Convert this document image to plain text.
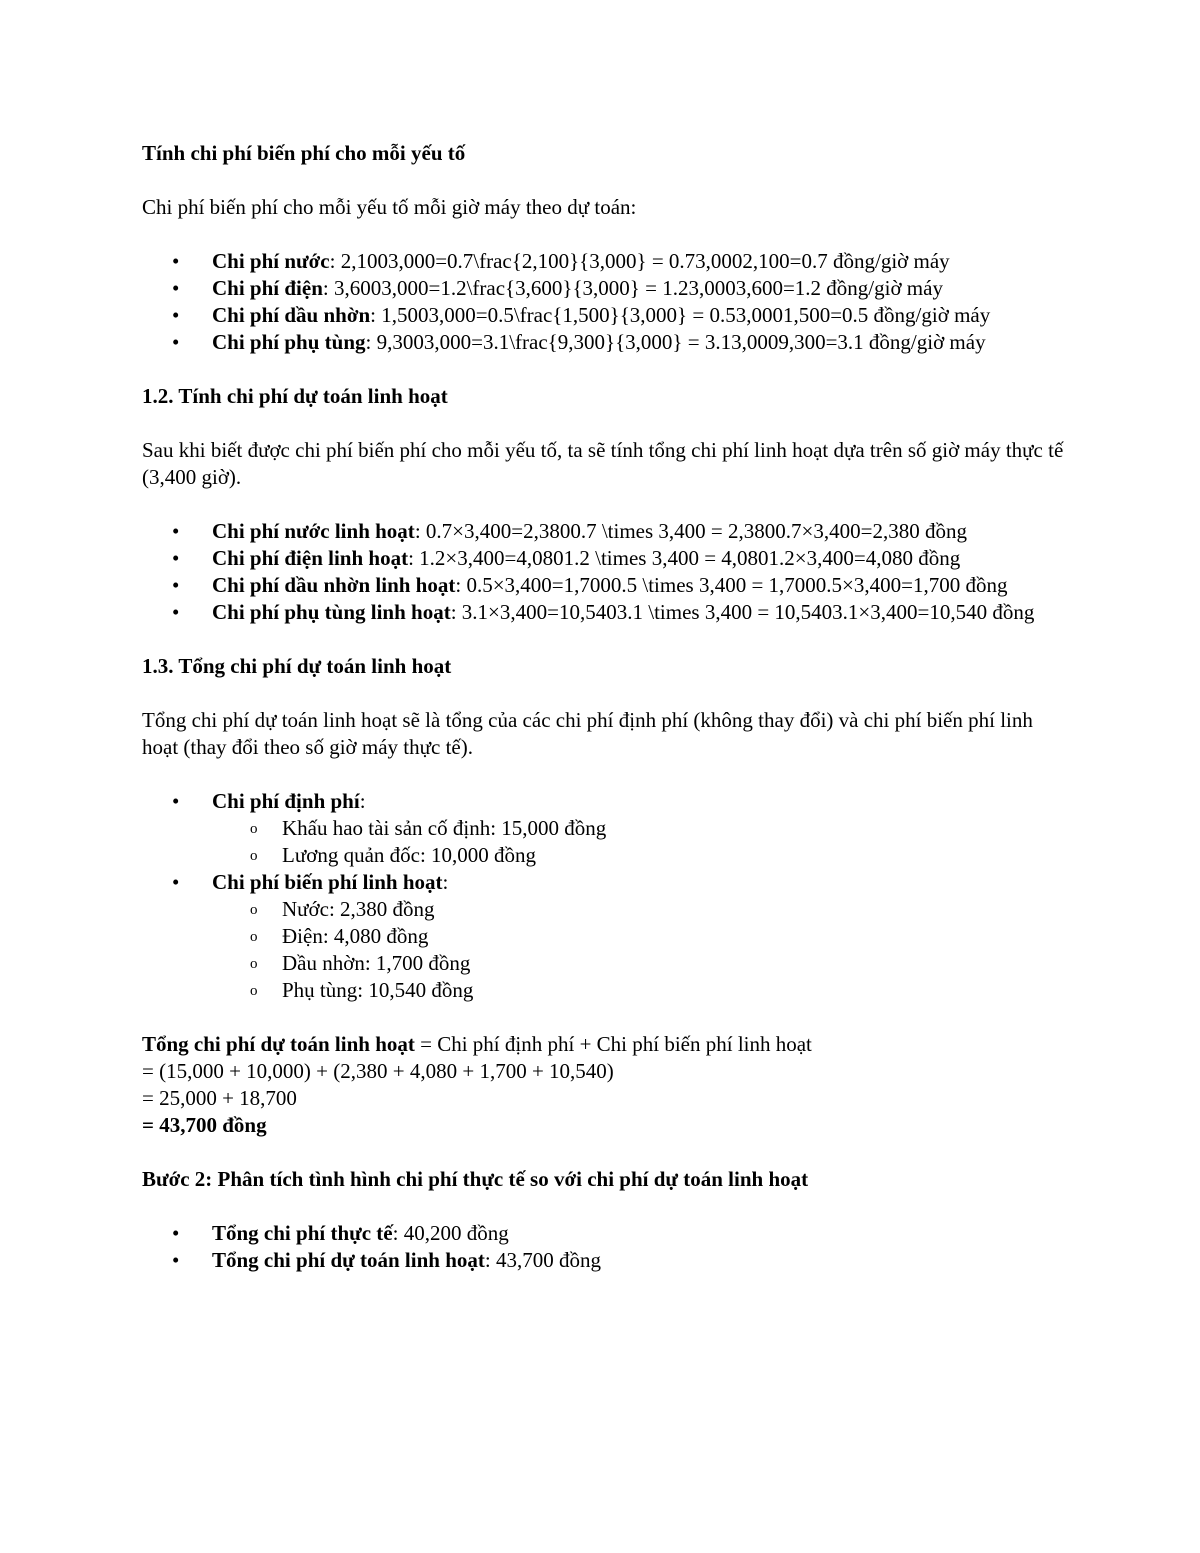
Tính chi phí biến phí cho mỗi yếu tố

Chi phí biến phí cho mỗi yếu tố mỗi giờ máy theo dự toán:

• Chi phí nước: 2,1003,000=0.7\frac{2,100}{3,000} = 0.73,0002,100=0.7 đồng/giờ máy
• Chi phí điện: 3,6003,000=1.2\frac{3,600}{3,000} = 1.23,0003,600=1.2 đồng/giờ máy
• Chi phí dầu nhờn: 1,5003,000=0.5\frac{1,500}{3,000} = 0.53,0001,500=0.5 đồng/giờ máy
• Chi phí phụ tùng: 9,3003,000=3.1\frac{9,300}{3,000} = 3.13,0009,300=3.1 đồng/giờ máy
1.2. Tính chi phí dự toán linh hoạt

Sau khi biết được chi phí biến phí cho mỗi yếu tố, ta sẽ tính tổng chi phí linh hoạt dựa trên số giờ máy thực tế (3,400 giờ).

• Chi phí nước linh hoạt: 0.7×3,400=2,3800.7 \times 3,400 = 2,3800.7×3,400=2,380 đồng
• Chi phí điện linh hoạt: 1.2×3,400=4,0801.2 \times 3,400 = 4,0801.2×3,400=4,080 đồng
• Chi phí dầu nhờn linh hoạt: 0.5×3,400=1,7000.5 \times 3,400 = 1,7000.5×3,400=1,700 đồng
• Chi phí phụ tùng linh hoạt: 3.1×3,400=10,5403.1 \times 3,400 = 10,5403.1×3,400=10,540 đồng
1.3. Tổng chi phí dự toán linh hoạt

Tổng chi phí dự toán linh hoạt sẽ là tổng của các chi phí định phí (không thay đổi) và chi phí biến phí linh hoạt (thay đổi theo số giờ máy thực tế).

• Chi phí định phí:
o Khấu hao tài sản cố định: 15,000 đồng
o Lương quản đốc: 10,000 đồng
• Chi phí biến phí linh hoạt:
o Nước: 2,380 đồng
o Điện: 4,080 đồng
o Dầu nhờn: 1,700 đồng
o Phụ tùng: 10,540 đồng
Tổng chi phí dự toán linh hoạt = Chi phí định phí + Chi phí biến phí linh hoạt
= (15,000 + 10,000) + (2,380 + 4,080 + 1,700 + 10,540)
= 25,000 + 18,700
= 43,700 đồng
Bước 2: Phân tích tình hình chi phí thực tế so với chi phí dự toán linh hoạt
• Tổng chi phí thực tế: 40,200 đồng
• Tổng chi phí dự toán linh hoạt: 43,700 đồng
